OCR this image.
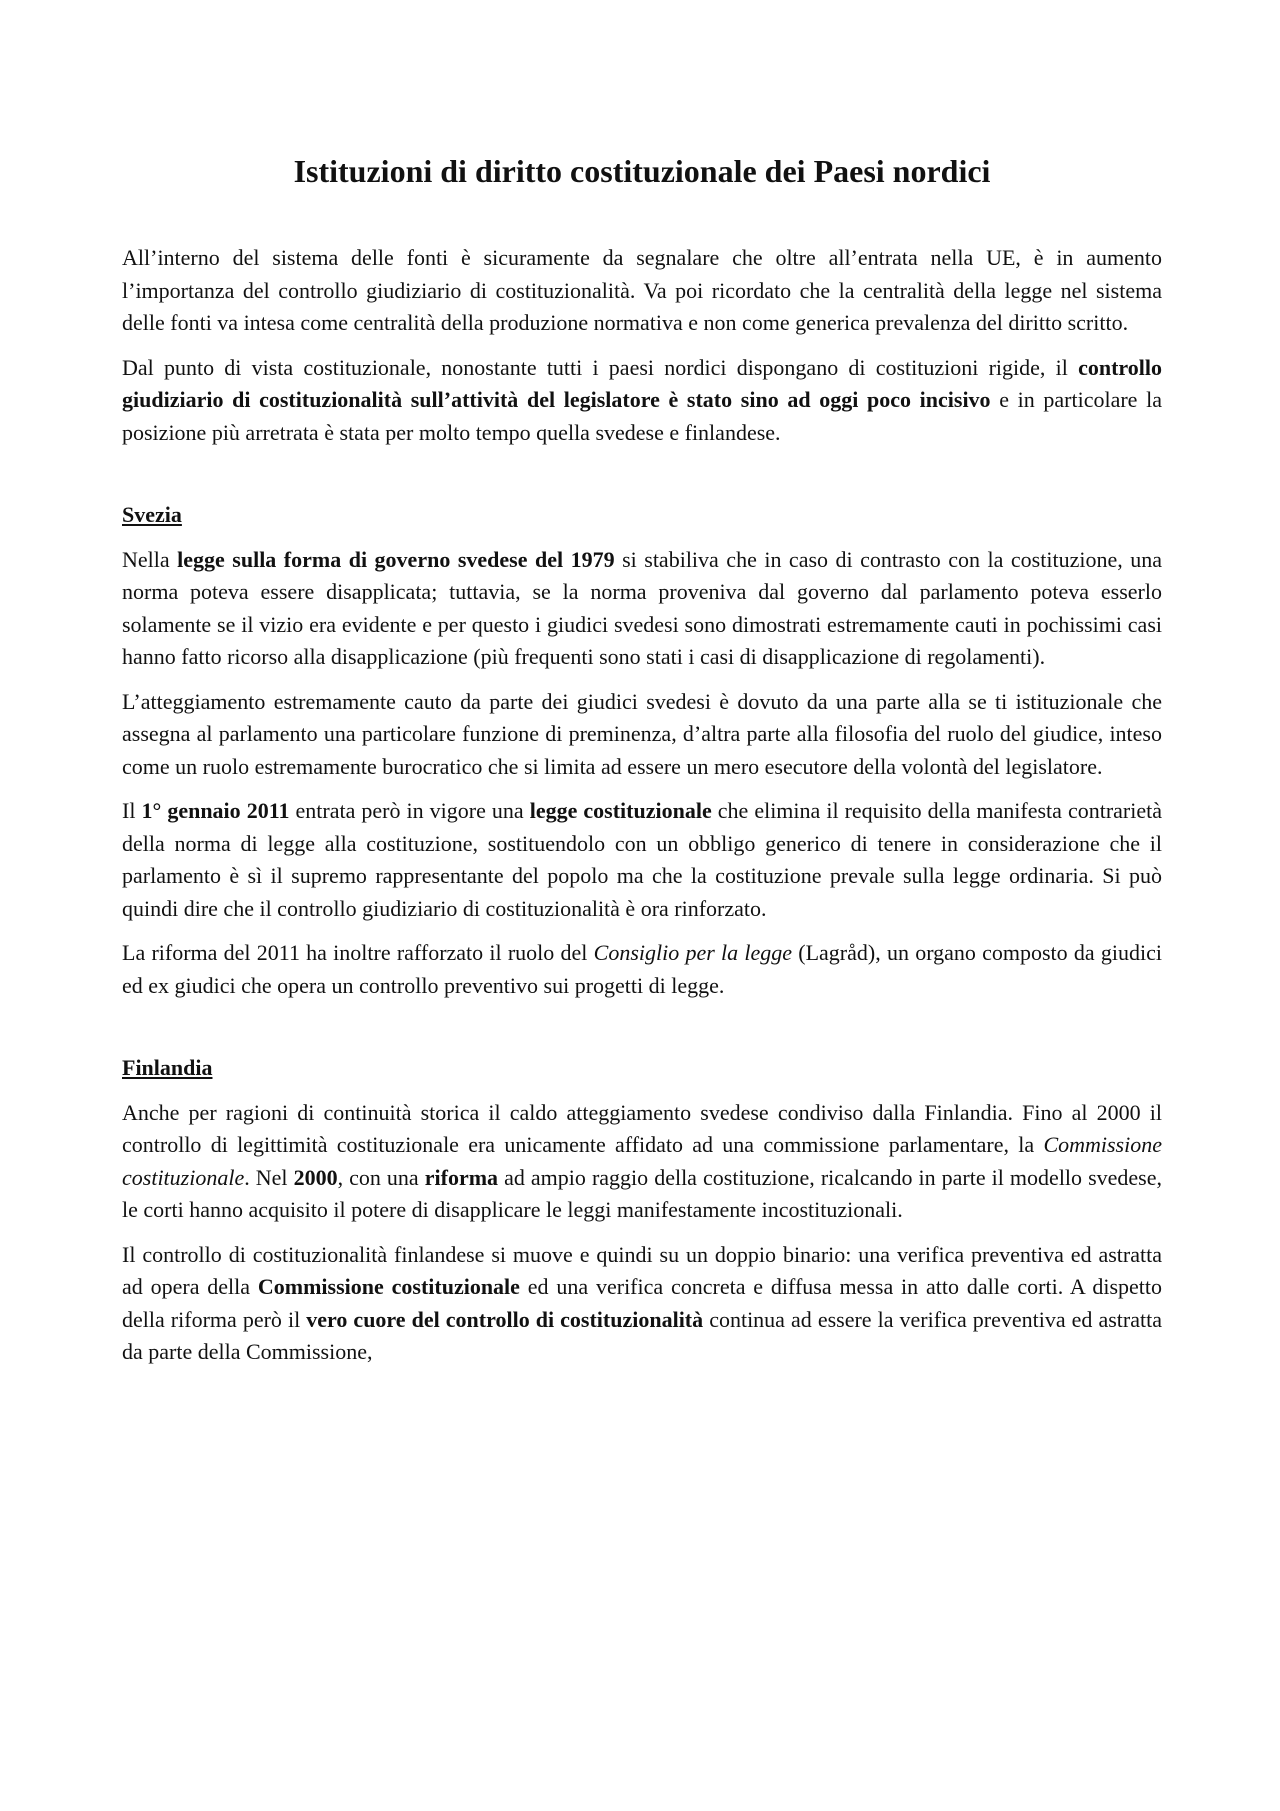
Istituzioni di diritto costituzionale dei Paesi nordici

All’interno del sistema delle fonti è sicuramente da segnalare che oltre all’entrata nella UE, è in aumento l’importanza del controllo giudiziario di costituzionalità. Va poi ricordato che la centralità della legge nel sistema delle fonti va intesa come centralità della produzione normativa e non come generica prevalenza del diritto scritto.

Dal punto di vista costituzionale, nonostante tutti i paesi nordici dispongano di costituzioni rigide, il controllo giudiziario di costituzionalità sull’attività del legislatore è stato sino ad oggi poco incisivo e in particolare la posizione più arretrata è stata per molto tempo quella svedese e finlandese.

Svezia

Nella legge sulla forma di governo svedese del 1979 si stabiliva che in caso di contrasto con la costituzione, una norma poteva essere disapplicata; tuttavia, se la norma proveniva dal governo dal parlamento poteva esserlo solamente se il vizio era evidente e per questo i giudici svedesi sono dimostrati estremamente cauti in pochissimi casi hanno fatto ricorso alla disapplicazione (più frequenti sono stati i casi di disapplicazione di regolamenti).

L’atteggiamento estremamente cauto da parte dei giudici svedesi è dovuto da una parte alla se ti istituzionale che assegna al parlamento una particolare funzione di preminenza, d’altra parte alla filosofia del ruolo del giudice, inteso come un ruolo estremamente burocratico che si limita ad essere un mero esecutore della volontà del legislatore.

Il 1° gennaio 2011 entrata però in vigore una legge costituzionale che elimina il requisito della manifesta contrarietà della norma di legge alla costituzione, sostituendolo con un obbligo generico di tenere in considerazione che il parlamento è sì il supremo rappresentante del popolo ma che la costituzione prevale sulla legge ordinaria. Si può quindi dire che il controllo giudiziario di costituzionalità è ora rinforzato.

La riforma del 2011 ha inoltre rafforzato il ruolo del Consiglio per la legge (Lagråd), un organo composto da giudici ed ex giudici che opera un controllo preventivo sui progetti di legge.

Finlandia

Anche per ragioni di continuità storica il caldo atteggiamento svedese condiviso dalla Finlandia. Fino al 2000 il controllo di legittimità costituzionale era unicamente affidato ad una commissione parlamentare, la Commissione costituzionale. Nel 2000, con una riforma ad ampio raggio della costituzione, ricalcando in parte il modello svedese, le corti hanno acquisito il potere di disapplicare le leggi manifestamente incostituzionali.

Il controllo di costituzionalità finlandese si muove e quindi su un doppio binario: una verifica preventiva ed astratta ad opera della Commissione costituzionale ed una verifica concreta e diffusa messa in atto dalle corti. A dispetto della riforma però il vero cuore del controllo di costituzionalità continua ad essere la verifica preventiva ed astratta da parte della Commissione,
